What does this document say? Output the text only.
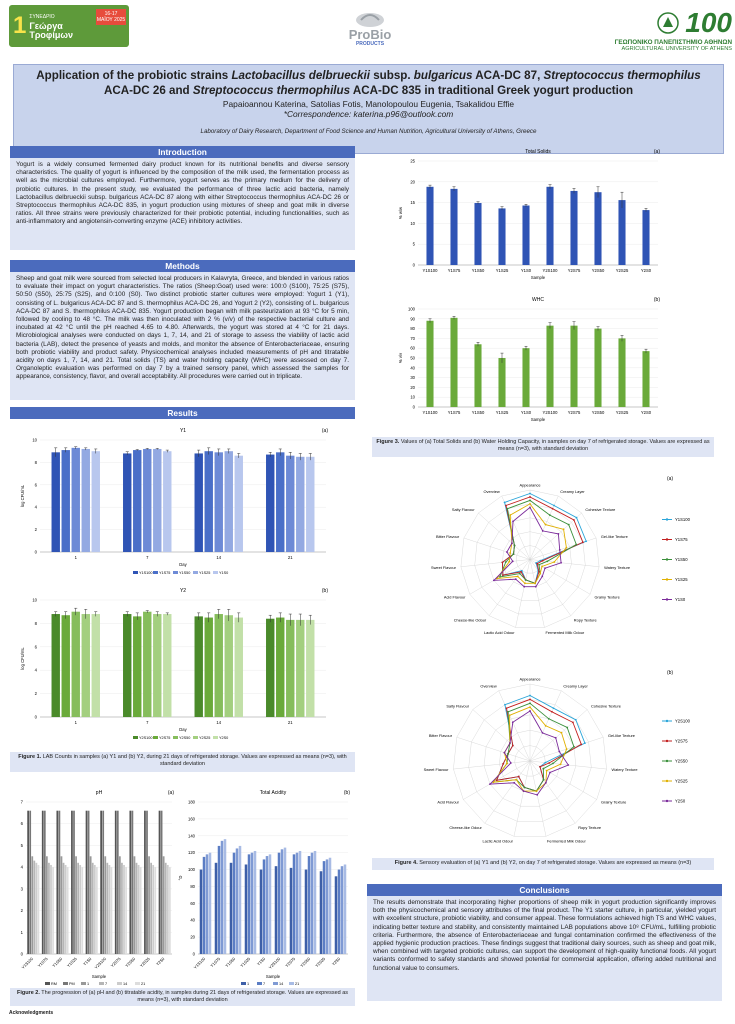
1 ΣΥΝΕΔΡΙΟ
Γεώργα
Τροφίμων
16-17 ΜΑΪΟΥ 2025
ProBio
PRODUCTS
100
ΓΕΩΠΟΝΙΚΟ ΠΑΝΕΠΙΣΤΗΜΙΟ ΑΘΗΝΩΝ
AGRICULTURAL UNIVERSITY OF ATHENS
Application of the probiotic strains Lactobacillus delbrueckii subsp. bulgaricus ACA-DC 87, Streptococcus thermophilus ACA-DC 26 and Streptococcus thermophilus ACA-DC 835 in traditional Greek yogurt production
Papaioannou Katerina, Satolias Fotis, Manolopoulou Eugenia, Tsakalidou Effie
*Correspondence: katerina.p96@outlook.com
Laboratory of Dairy Research, Department of Food Science and Human Nutrition, Agricultural University of Athens, Greece
Introduction
Yogurt is a widely consumed fermented dairy product known for its nutritional benefits and diverse sensory characteristics. The quality of yogurt is influenced by the composition of the milk used, the fermentation process as well as the microbial cultures employed. Furthermore, yogurt serves as the primary medium for the delivery of probiotic cultures. In the present study, we evaluated the performance of three lactic acid bacteria, namely Lactobacillus delbrueckii subsp. bulgaricus ACA-DC 87 along with either Streptococcus thermophilus ACA-DC 26 or Streptococcus thermophilus ACA-DC 835, in yogurt production using mixtures of sheep and goat milk in diverse ratios. All three strains were previously characterized for their probiotic potential, including functionalities, such as anti-inflammatory and angiotensin-converting enzyme (ACE) inhibitory activities.
Methods
Sheep and goat milk were sourced from selected local producers in Kalavryta, Greece, and blended in various ratios to evaluate their impact on yogurt characteristics. The ratios (Sheep:Goat) used were: 100:0 (S100), 75:25 (S75), 50:50 (S50), 25:75 (S25), and 0:100 (S0). Two distinct probiotic starter cultures were employed: Yogurt 1 (Y1), consisting of L. bulgaricus ACA-DC 87 and S. thermophilus ACA-DC 26, and Yogurt 2 (Y2), consisting of L. bulgaricus ACA-DC 87 and S. thermophilus ACA-DC 835. Yogurt production began with milk pasteurization at 93 °C for 5 min, followed by cooling to 48 °C. The milk was then inoculated with 2 % (v/v) of the respective bacterial culture and incubated at 42 °C until the pH reached 4.65 to 4.80. Afterwards, the yogurt was stored at 4 °C for 21 days. Microbiological analyses were conducted on days 1, 7, 14, and 21 of storage to assess the viability of lactic acid bacteria (LAB), detect the presence of yeasts and molds, and monitor the absence of Enterobacteriaceae, ensuring both probiotic viability and product safety. Physicochemical analyses included measurements of pH and titratable acidity on days 1, 7, 14, and 21. Total solids (TS) and water holding capacity (WHC) were assessed on day 7. Organoleptic evaluation was performed on day 7 by a trained sensory panel, which assessed the samples for appearance, consistency, flavor, and overall acceptability. All procedures were carried out in triplicate.
Results
Y1	(a)
0
2
4
6
8
10
log CFU/mL
1	7	14	21
Day
Y1S100 Y1S75 Y1S50 Y1S25 Y1S0
Y2	(b)
0
2
4
6
8
10
log CFU/mL
1	7	14	21
Day
Y2S100 Y2S75 Y2S50 Y2S25 Y2S0
Figure 1. LAB Counts in samples (a) Y1 and (b) Y2, during 21 days of refrigerated storage. Values are expressed as means (n=3), with standard deviation
pH	(a)
0
1
2
3
4
5
6
7
Y1S100 Y1S75 Y1S50 Y1S25 Y1S0 Y2S100 Y2S75 Y2S50 Y2S25 Y2S0
Sample
RM	PM	1	7	14	21
Total Acidity	(b)
0
20
40
60
80
100
120
140
160
180
°D
Y1S100 Y1S75 Y1S50 Y1S25 Y1S0 Y2S100 Y2S75 Y2S50 Y2S25 Y2S0
Sample
1	7	14	21
Figure 2. The progression of (a) pH and (b) titratable acidity, in samples during 21 days of refrigerated storage. Values are expressed as means (n=3), with standard deviation
Total Solids	(a)
0
5
10
15
20
25
% w/w
Y1S100 Y1S75	Y1S50	Y1S25	Y1S0	Y2S100 Y2S75	Y2S50	Y2S25	Y2S0
Sample
WHC	(b)
0
10
20
30
40
50
60
70
80
90
100
% v/v
Y1S100 Y1S75	Y1S50	Y1S25	Y1S0	Y2S100 Y2S75	Y2S50	Y2S25	Y2S0
Sample
Figure 3. Values of (a) Total Solids and (b) Water Holding Capacity, in samples on day 7 of refrigerated storage. Values are expressed as means (n=3), with standard deviation
(a)
Appearance
Creamy Layer
Cohesive Texture
Gel-like Texture
Watery Texture
Grainy Texture
Ropy Texture
Fermented Milk Odour
Lactic Acid Odour
Cheese-like Odour
Acid Flavour
Sweet Flavour
Bitter Flavour
Salty Flavour
Overview
Y1S100
Y1S75
Y1S50
Y1S25
Y1S0
(b)
Appearance
Creamy Layer
Cohesive Texture
Gel-like Texture
Watery Texture
Grainy Texture
Ropy Texture
Fermented Milk Odour
Lactic Acid Odour
Cheese-like Odour
Acid Flavour
Sweet Flavour
Bitter Flavour
Salty Flavour
Overview
Y2S100
Y2S75
Y2S50
Y2S25
Y2S0
Figure 4. Sensory evaluation of (a) Y1 and (b) Y2, on day 7 of refrigerated storage. Values are expressed as means (n=3)
Conclusions
The results demonstrate that incorporating higher proportions of sheep milk in yogurt production significantly improves both the physicochemical and sensory attributes of the final product. The Y1 starter culture, in particular, yielded yogurt with excellent structure, probiotic viability, and consumer appeal. These formulations achieved high TS and WHC values, indicating better texture and stability, and consistently maintained LAB populations above 10⁸ CFU/mL, fulfilling probiotic criteria. Furthermore, the absence of Enterobacteriaceae and fungal contamination confirmed the effectiveness of the applied hygienic production practices. These findings suggest that traditional dairy sources, such as sheep and goat milk, when combined with targeted probiotic cultures, can support the development of high-quality functional foods. All yogurt variants conformed to safety standards and showed potential for commercial application, offering added nutritional and functional value to consumers.
Acknowledgments
